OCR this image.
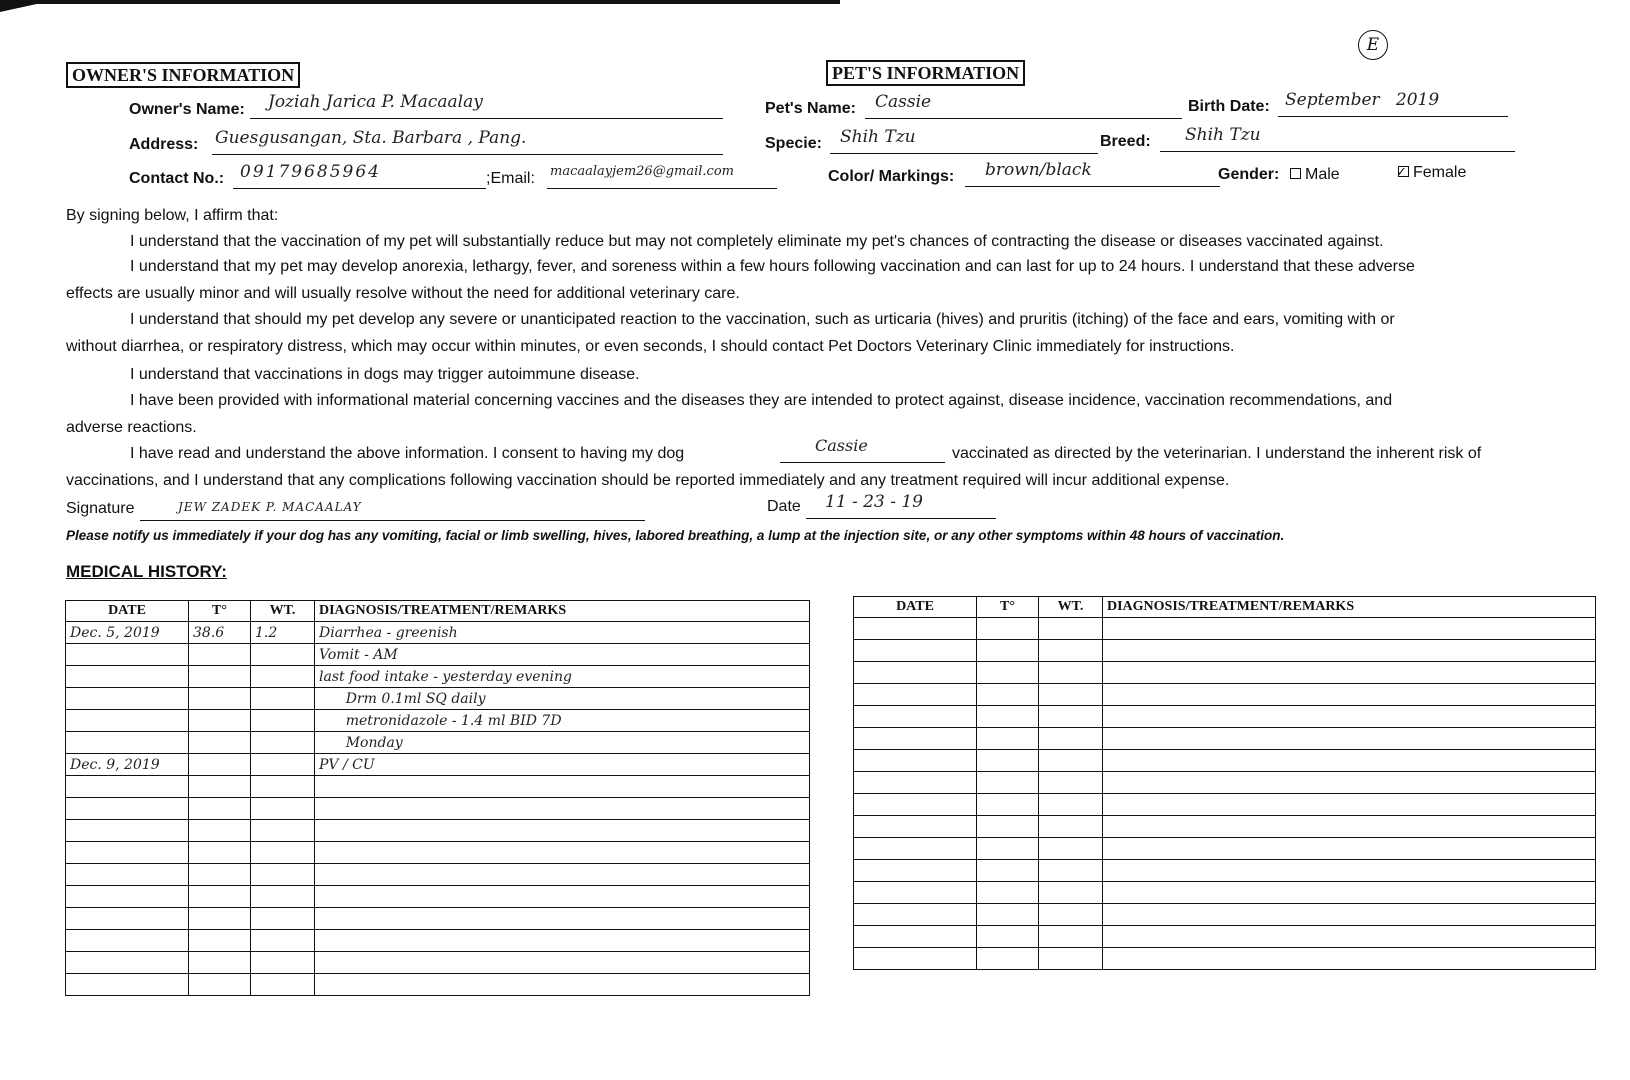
E
OWNER'S INFORMATION
Owner's Name: Joziah Jarica P. Macaalay
Address: Guesgusangan, Sta. Barbara , Pang.
Contact No.: 09179685964	;Email: macaalayjem26@gmail.com
PET'S INFORMATION
Pet's Name: Cassie	Birth Date: September   2019
Specie: Shih Tzu	Breed: Shih Tzu
Color/ Markings: brown/black	Gender:	Male	✓ Female
By signing below, I affirm that:
I understand that the vaccination of my pet will substantially reduce but may not completely eliminate my pet's chances of contracting the disease or diseases vaccinated against.
I understand that my pet may develop anorexia, lethargy, fever, and soreness within a few hours following vaccination and can last for up to 24 hours. I understand that these adverse
effects are usually minor and will usually resolve without the need for additional veterinary care.
I understand that should my pet develop any severe or unanticipated reaction to the vaccination, such as urticaria (hives) and pruritis (itching) of the face and ears, vomiting with or
without diarrhea, or respiratory distress, which may occur within minutes, or even seconds, I should contact Pet Doctors Veterinary Clinic immediately for instructions.
I understand that vaccinations in dogs may trigger autoimmune disease.
I have been provided with informational material concerning vaccines and the diseases they are intended to protect against, disease incidence, vaccination recommendations, and
adverse reactions.
I have read and understand the above information. I consent to having my dog	Cassie	vaccinated as directed by the veterinarian. I understand the inherent risk of
vaccinations, and I understand that any complications following vaccination should be reported immediately and any treatment required will incur additional expense.
Signature	JEW ZADEK P. MACAALAY	Date 11 - 23 - 19
Please notify us immediately if your dog has any vomiting, facial or limb swelling, hives, labored breathing, a lump at the injection site, or any other symptoms within 48 hours of vaccination.
MEDICAL HISTORY:
DATE	T°	WT.	DIAGNOSIS/TREATMENT/REMARKS
Dec. 5, 2019	38.6	1.2	Diarrhea - greenish
			Vomit - AM
			last food intake - yesterday evening
			Drm 0.1ml SQ daily
			metronidazole - 1.4 ml BID 7D
			Monday
Dec. 9, 2019			PV / CU

DATE	T°	WT.	DIAGNOSIS/TREATMENT/REMARKS
